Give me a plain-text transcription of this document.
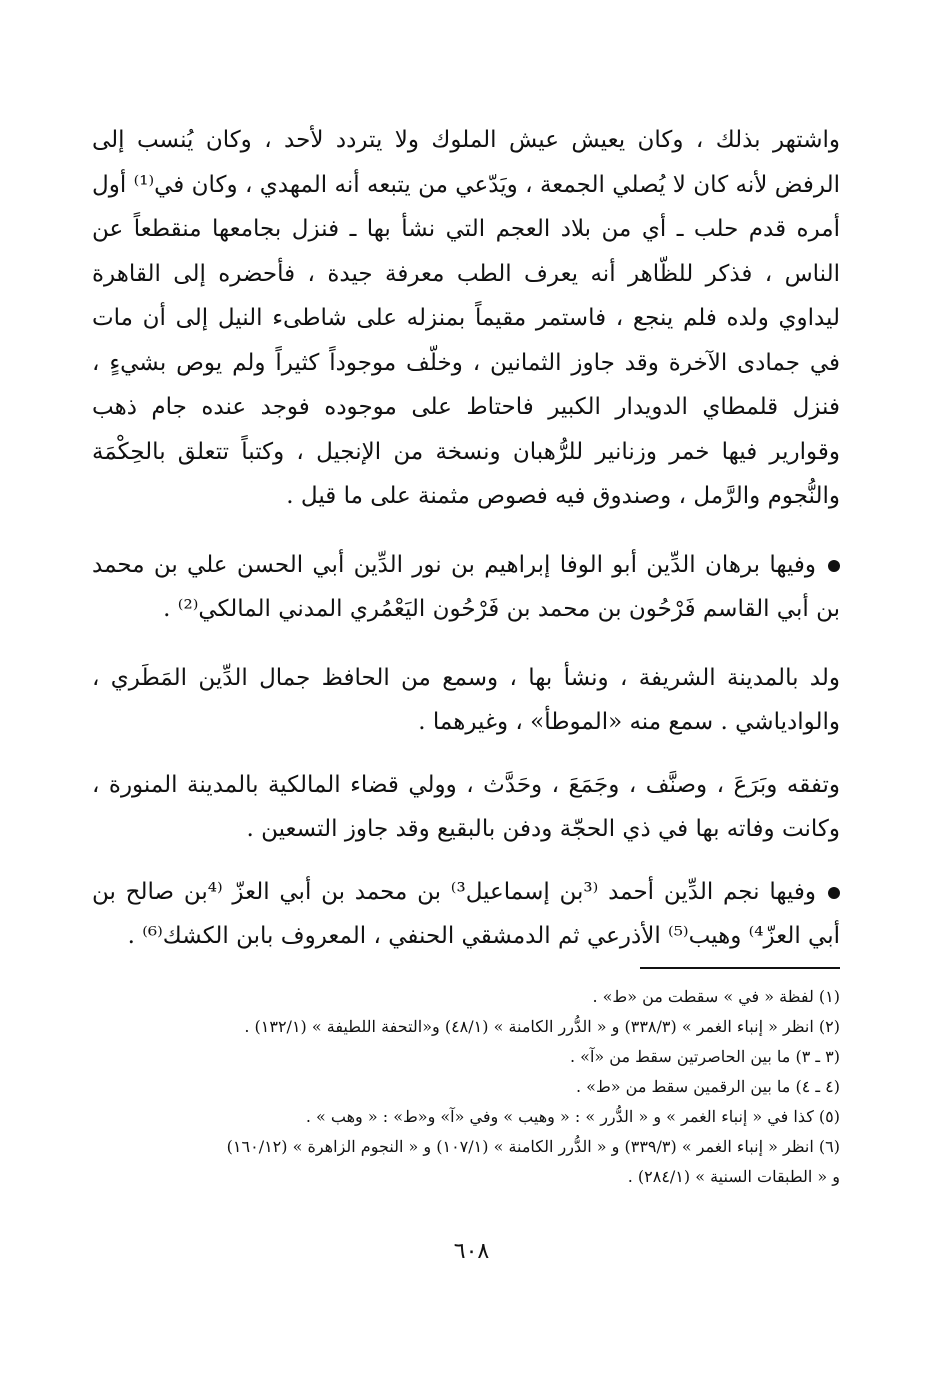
واشتهر بذلك ، وكان يعيش عيش الملوك ولا يتردد لأحد ، وكان يُنسب إلى الرفض لأنه كان لا يُصلي الجمعة ، ويَدّعي من يتبعه أنه المهدي ، وكان في⁽¹⁾ أول أمره قدم حلب ـ أي من بلاد العجم التي نشأ بها ـ فنزل بجامعها منقطعاً عن الناس ، فذكر للظّاهر أنه يعرف الطب معرفة جيدة ، فأحضره إلى القاهرة ليداوي ولده فلم ينجع ، فاستمر مقيماً بمنزله على شاطىء النيل إلى أن مات في جمادى الآخرة وقد جاوز الثمانين ، وخلّف موجوداً كثيراً ولم يوص بشيءٍ ، فنزل قلمطاي الدويدار الكبير فاحتاط على موجوده فوجد عنده جام ذهب وقوارير فيها خمر وزنانير للرُّهبان ونسخة من الإنجيل ، وكتباً تتعلق بالحِكْمَة والنُّجوم والرَّمل ، وصندوق فيه فصوص مثمنة على ما قيل .

وفيها برهان الدِّين أبو الوفا إبراهيم بن نور الدِّين أبي الحسن علي بن محمد بن أبي القاسم فَرْحُون بن محمد بن فَرْحُون اليَعْمُري المدني المالكي⁽²⁾ .

ولد بالمدينة الشريفة ، ونشأ بها ، وسمع من الحافظ جمال الدِّين المَطَري ، والوادياشي . سمع منه «الموطأ» ، وغيرهما .

وتفقه وبَرَعَ ، وصنَّف ، وجَمَعَ ، وحَدَّث ، وولي قضاء المالكية بالمدينة المنورة ، وكانت وفاته بها في ذي الحجّة ودفن بالبقيع وقد جاوز التسعين .

وفيها نجم الدِّين أحمد ⁽³بن إسماعيل³⁾ بن محمد بن أبي العزّ ⁽⁴بن صالح بن أبي العزّ⁴⁾ وهيب⁽⁵⁾ الأذرعي ثم الدمشقي الحنفي ، المعروف بابن الكشك⁽⁶⁾ .

(١) لفظة « في » سقطت من «ط» .

(٢) انظر « إنباء الغمر » (٣٣٨/٣) و « الدُّرر الكامنة » (٤٨/١) و«التحفة اللطيفة » (١٣٢/١) .

(٣ ـ ٣) ما بين الحاصرتين سقط من «آ» .

(٤ ـ ٤) ما بين الرقمين سقط من «ط» .

(٥) كذا في « إنباء الغمر » و « الدُّرر » : « وهيب » وفي «آ» و«ط» : « وهب » .

(٦) انظر « إنباء الغمر » (٣٣٩/٣) و « الدُّرر الكامنة » (١٠٧/١) و « النجوم الزاهرة » (١٦٠/١٢)

و « الطبقات السنية » (٢٨٤/١) .

٦٠٨
